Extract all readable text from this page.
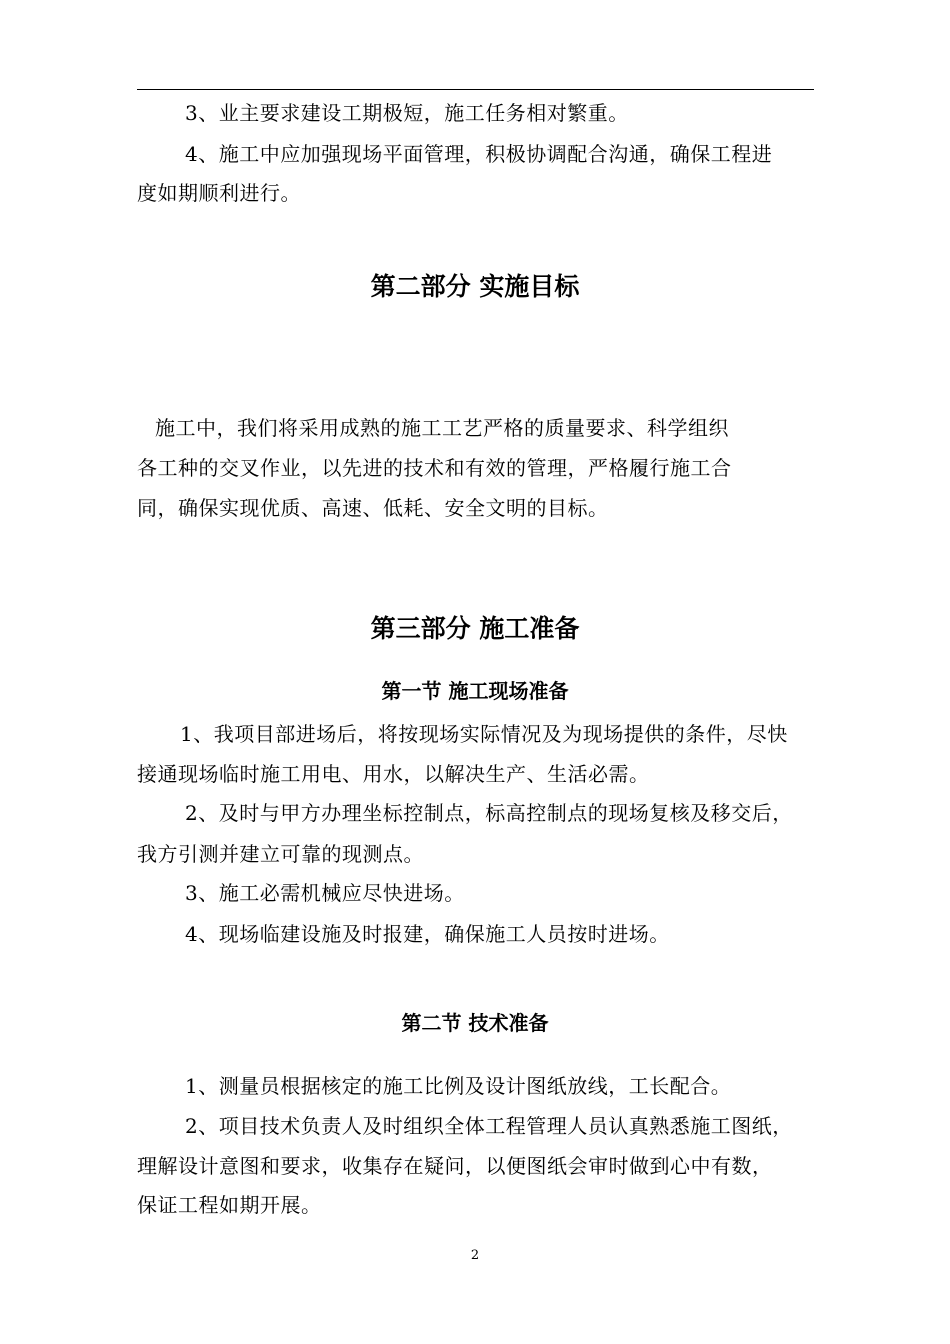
3、业主要求建设工期极短，施工任务相对繁重。
4、施工中应加强现场平面管理，积极协调配合沟通，确保工程进
度如期顺利进行。
第二部分 实施目标
施工中，我们将采用成熟的施工工艺严格的质量要求、科学组织
各工种的交叉作业，以先进的技术和有效的管理，严格履行施工合
同，确保实现优质、高速、低耗、安全文明的目标。
第三部分 施工准备
第一节 施工现场准备
1、我项目部进场后，将按现场实际情况及为现场提供的条件，尽快
接通现场临时施工用电、用水，以解决生产、生活必需。
2、及时与甲方办理坐标控制点，标高控制点的现场复核及移交后，
我方引测并建立可靠的现测点。
3、施工必需机械应尽快进场。
4、现场临建设施及时报建，确保施工人员按时进场。
第二节 技术准备
1、测量员根据核定的施工比例及设计图纸放线，工长配合。
2、项目技术负责人及时组织全体工程管理人员认真熟悉施工图纸，
理解设计意图和要求，收集存在疑问，以便图纸会审时做到心中有数，
保证工程如期开展。
2
